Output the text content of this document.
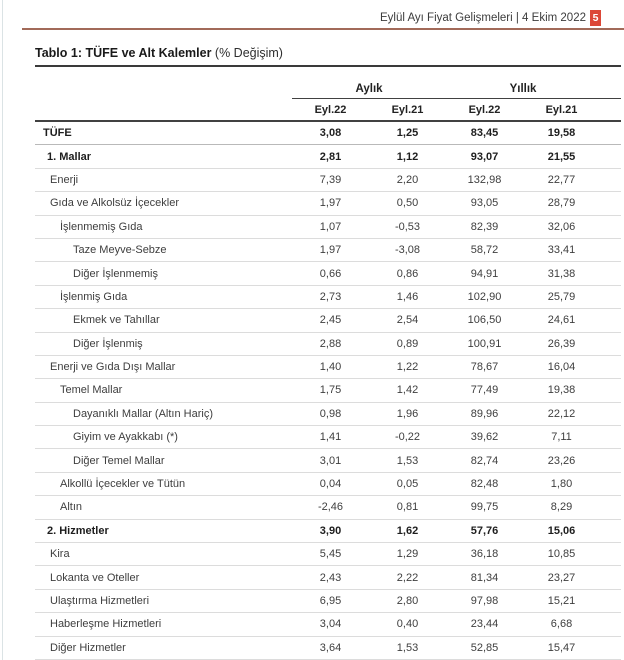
Eylül Ayı Fiyat Gelişmeleri | 4 Ekim 2022 5
Tablo 1: TÜFE ve Alt Kalemler (% Değişim)
	Aylık		Yıllık		
	Eyl.22	Eyl.21	Eyl.22	Eyl.21	
TÜFE	3,08	1,25	83,45	19,58	
1. Mallar	2,81	1,12	93,07	21,55	
Enerji	7,39	2,20	132,98	22,77	
Gıda ve Alkolsüz İçecekler	1,97	0,50	93,05	28,79	
İşlenmemiş Gıda	1,07	-0,53	82,39	32,06	
Taze Meyve-Sebze	1,97	-3,08	58,72	33,41	
Diğer İşlenmemiş	0,66	0,86	94,91	31,38	
İşlenmiş Gıda	2,73	1,46	102,90	25,79	
Ekmek ve Tahıllar	2,45	2,54	106,50	24,61	
Diğer İşlenmiş	2,88	0,89	100,91	26,39	
Enerji ve Gıda Dışı Mallar	1,40	1,22	78,67	16,04	
Temel Mallar	1,75	1,42	77,49	19,38	
Dayanıklı Mallar (Altın Hariç)	0,98	1,96	89,96	22,12	
Giyim ve Ayakkabı (*)	1,41	-0,22	39,62	7,11	
Diğer Temel Mallar	3,01	1,53	82,74	23,26	
Alkollü İçecekler ve Tütün	0,04	0,05	82,48	1,80	
Altın	-2,46	0,81	99,75	8,29	
2. Hizmetler	3,90	1,62	57,76	15,06	
Kira	5,45	1,29	36,18	10,85	
Lokanta ve Oteller	2,43	2,22	81,34	23,27	
Ulaştırma Hizmetleri	6,95	2,80	97,98	15,21	
Haberleşme Hizmetleri	3,04	0,40	23,44	6,68	
Diğer Hizmetler	3,64	1,53	52,85	15,47	
